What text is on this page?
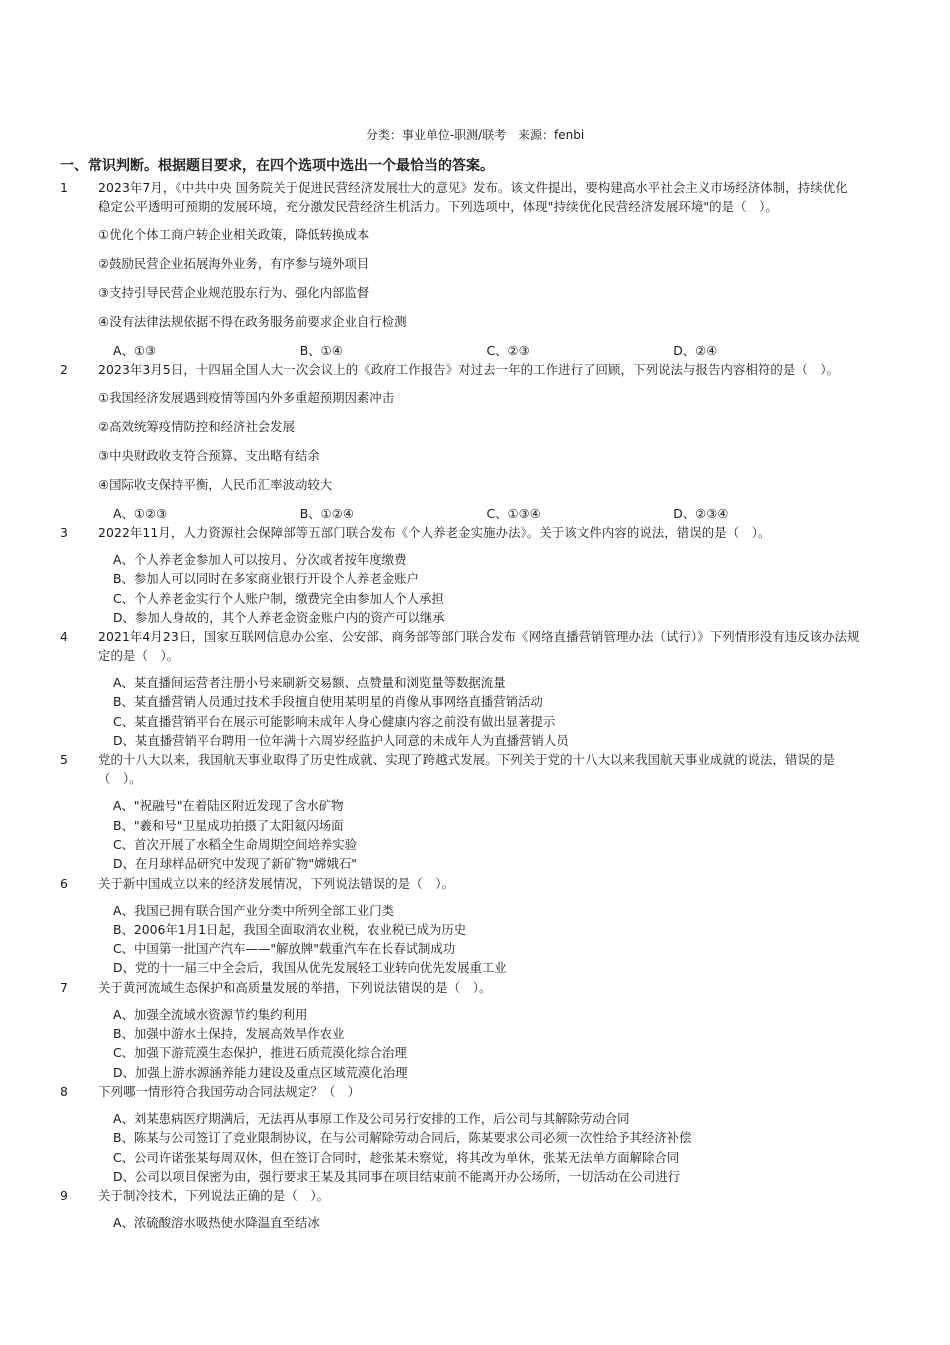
分类：事业单位-职测/联考 来源：fenbi
一、常识判断。根据题目要求，在四个选项中选出一个最恰当的答案。
1	2023年7月，《中共中央 国务院关于促进民营经济发展壮大的意见》发布。该文件提出，要构建高水平社会主义市场经济体制，持续优化稳定公平透明可预期的发展环境，充分激发民营经济生机活力。下列选项中，体现"持续优化民营经济发展环境"的是（　）。
①优化个体工商户转企业相关政策，降低转换成本
②鼓励民营企业拓展海外业务，有序参与境外项目
③支持引导民营企业规范股东行为、强化内部监督
④没有法律法规依据不得在政务服务前要求企业自行检测
A、①③	B、①④	C、②③	D、②④
2	2023年3月5日，十四届全国人大一次会议上的《政府工作报告》对过去一年的工作进行了回顾，下列说法与报告内容相符的是（　）。
①我国经济发展遇到疫情等国内外多重超预期因素冲击
②高效统筹疫情防控和经济社会发展
③中央财政收支符合预算、支出略有结余
④国际收支保持平衡，人民币汇率波动较大
A、①②③	B、①②④	C、①③④	D、②③④
3	2022年11月，人力资源社会保障部等五部门联合发布《个人养老金实施办法》。关于该文件内容的说法，错误的是（　）。
A、个人养老金参加人可以按月、分次或者按年度缴费
B、参加人可以同时在多家商业银行开设个人养老金账户
C、个人养老金实行个人账户制，缴费完全由参加人个人承担
D、参加人身故的，其个人养老金资金账户内的资产可以继承
4	2021年4月23日，国家互联网信息办公室、公安部、商务部等部门联合发布《网络直播营销管理办法（试行）》下列情形没有违反该办法规定的是（　）。
A、某直播间运营者注册小号来刷新交易额、点赞量和浏览量等数据流量
B、某直播营销人员通过技术手段擅自使用某明星的肖像从事网络直播营销活动
C、某直播营销平台在展示可能影响未成年人身心健康内容之前没有做出显著提示
D、某直播营销平台聘用一位年满十六周岁经监护人同意的未成年人为直播营销人员
5	党的十八大以来，我国航天事业取得了历史性成就、实现了跨越式发展。下列关于党的十八大以来我国航天事业成就的说法，错误的是（　）。
A、"祝融号"在着陆区附近发现了含水矿物
B、"羲和号"卫星成功拍摄了太阳氦闪场面
C、首次开展了水稻全生命周期空间培养实验
D、在月球样品研究中发现了新矿物"嫦娥石"
6	关于新中国成立以来的经济发展情况，下列说法错误的是（　）。
A、我国已拥有联合国产业分类中所列全部工业门类
B、2006年1月1日起，我国全面取消农业税，农业税已成为历史
C、中国第一批国产汽车——"解放牌"载重汽车在长春试制成功
D、党的十一届三中全会后，我国从优先发展轻工业转向优先发展重工业
7	关于黄河流域生态保护和高质量发展的举措，下列说法错误的是（　）。
A、加强全流域水资源节约集约利用
B、加强中游水土保持，发展高效旱作农业
C、加强下游荒漠生态保护，推进石质荒漠化综合治理
D、加强上游水源涵养能力建设及重点区域荒漠化治理
8	下列哪一情形符合我国劳动合同法规定？（　）
A、刘某患病医疗期满后，无法再从事原工作及公司另行安排的工作，后公司与其解除劳动合同
B、陈某与公司签订了竞业限制协议，在与公司解除劳动合同后，陈某要求公司必须一次性给予其经济补偿
C、公司许诺张某每周双休，但在签订合同时，趁张某未察觉，将其改为单休，张某无法单方面解除合同
D、公司以项目保密为由，强行要求王某及其同事在项目结束前不能离开办公场所，一切活动在公司进行
9	关于制冷技术，下列说法正确的是（　）。
A、浓硫酸溶水吸热使水降温直至结冰
